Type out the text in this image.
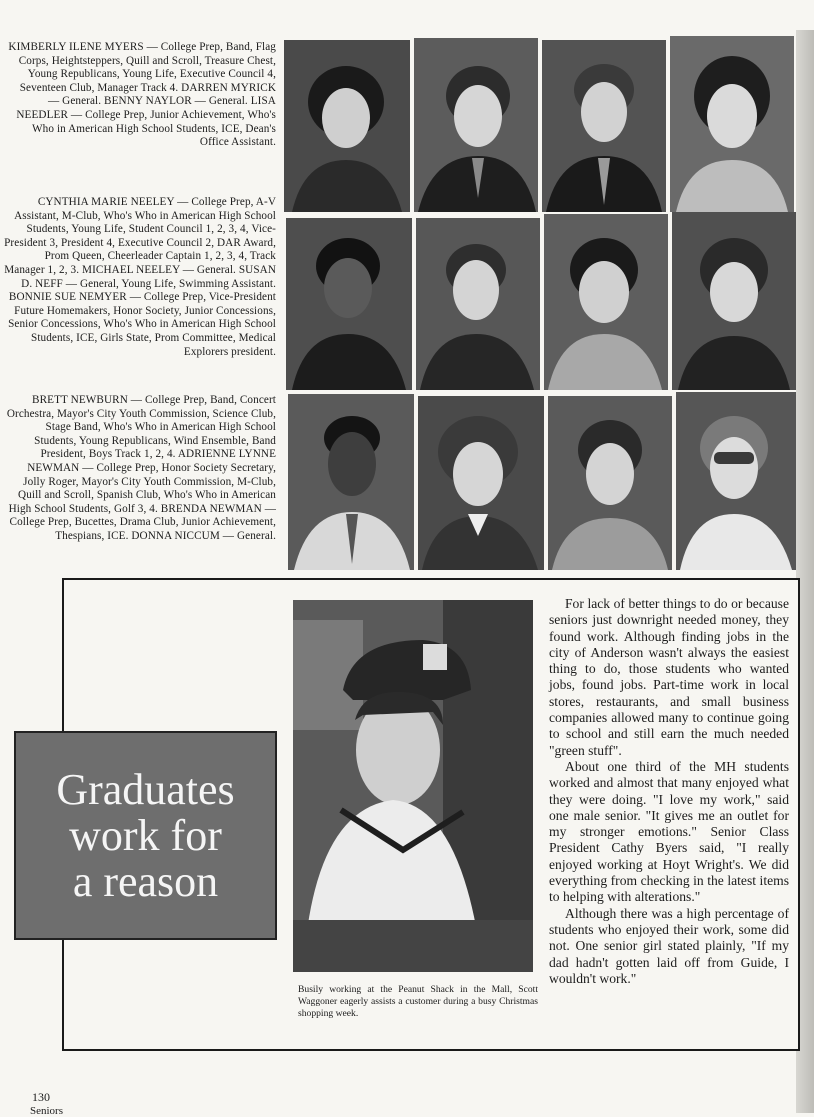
KIMBERLY ILENE MYERS — College Prep, Band, Flag Corps, Heightsteppers, Quill and Scroll, Treasure Chest, Young Republicans, Young Life, Executive Council 4, Seventeen Club, Manager Track 4. DARREN MYRICK — General. BENNY NAYLOR — General. LISA NEEDLER — College Prep, Junior Achievement, Who's Who in American High School Students, ICE, Dean's Office Assistant.
CYNTHIA MARIE NEELEY — College Prep, A-V Assistant, M-Club, Who's Who in American High School Students, Young Life, Student Council 1, 2, 3, 4, Vice-President 3, President 4, Executive Council 2, DAR Award, Prom Queen, Cheerleader Captain 1, 2, 3, 4, Track Manager 1, 2, 3. MICHAEL NEELEY — General. SUSAN D. NEFF — General, Young Life, Swimming Assistant. BONNIE SUE NEMYER — College Prep, Vice-President Future Homemakers, Honor Society, Junior Concessions, Senior Concessions, Who's Who in American High School Students, ICE, Girls State, Prom Committee, Medical Explorers president.
BRETT NEWBURN — College Prep, Band, Concert Orchestra, Mayor's City Youth Commission, Science Club, Stage Band, Who's Who in American High School Students, Young Republicans, Wind Ensemble, Band President, Boys Track 1, 2, 4. ADRIENNE LYNNE NEWMAN — College Prep, Honor Society Secretary, Jolly Roger, Mayor's City Youth Commission, M-Club, Quill and Scroll, Spanish Club, Who's Who in American High School Students, Golf 3, 4. BRENDA NEWMAN — College Prep, Bucettes, Drama Club, Junior Achievement, Thespians, ICE. DONNA NICCUM — General.
Graduates
work for
a reason
Busily working at the Peanut Shack in the Mall, Scott Waggoner eagerly assists a customer during a busy Christmas shopping week.

For lack of better things to do or because seniors just downright needed money, they found work. Although finding jobs in the city of Anderson wasn't always the easiest thing to do, those students who wanted jobs, found jobs. Part-time work in local stores, restaurants, and small business companies allowed many to continue going to school and still earn the much needed "green stuff".

About one third of the MH students worked and almost that many enjoyed what they were doing. "I love my work," said one male senior. "It gives me an outlet for my stronger emotions." Senior Class President Cathy Byers said, "I really enjoyed working at Hoyt Wright's. We did everything from checking in the latest items to helping with alterations."

Although there was a high percentage of students who enjoyed their work, some did not. One senior girl stated plainly, "If my dad hadn't gotten laid off from Guide, I wouldn't work."

130
Seniors
